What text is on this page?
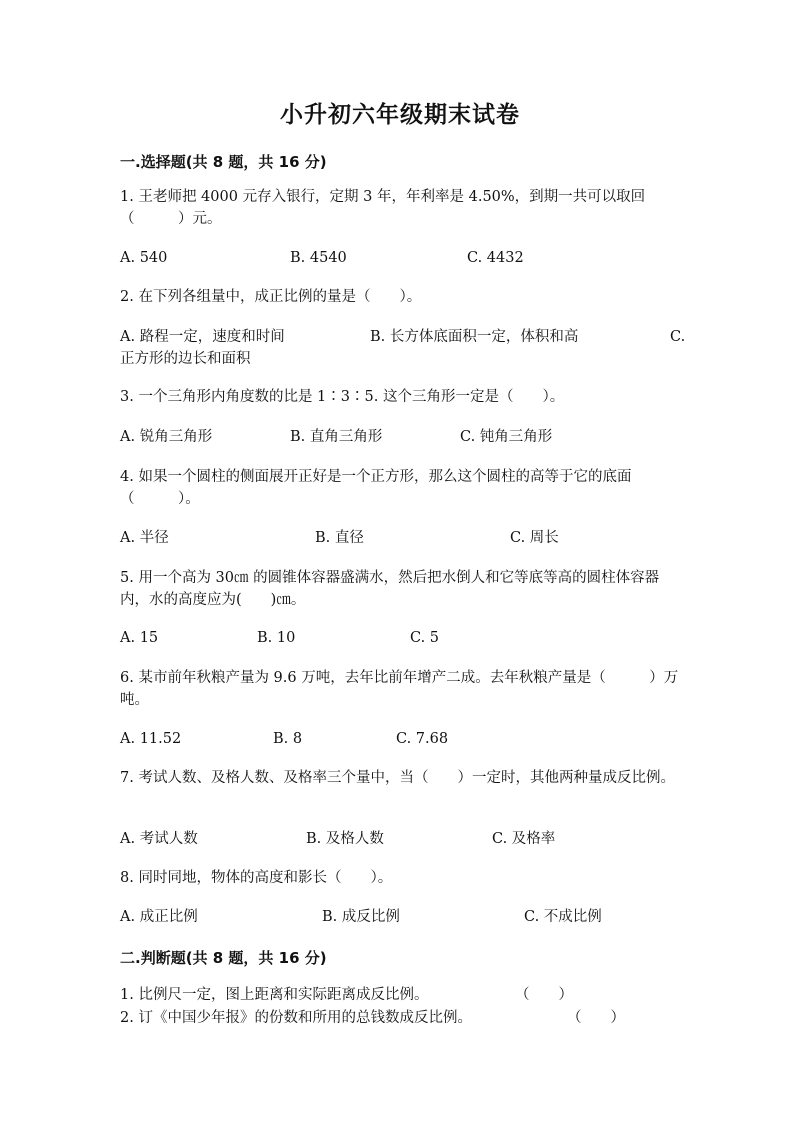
小升初六年级期末试卷
一.选择题(共 8 题，共 16 分)
1. 王老师把 4000 元存入银行，定期 3 年，年利率是 4.50%，到期一共可以取回（　　　）元。
A. 540	B. 4540	C. 4432
2. 在下列各组量中，成正比例的量是（　　）。
A. 路程一定，速度和时间	B. 长方体底面积一定，体积和高	C. 正方形的边长和面积
3. 一个三角形内角度数的比是 1∶3∶5. 这个三角形一定是（　　）。
A. 锐角三角形	B. 直角三角形	C. 钝角三角形
4. 如果一个圆柱的侧面展开正好是一个正方形，那么这个圆柱的高等于它的底面（　　　）。
A. 半径	B. 直径	C. 周长
5. 用一个高为 30㎝ 的圆锥体容器盛满水，然后把水倒人和它等底等高的圆柱体容器内，水的高度应为(　　)㎝。
A. 15	B. 10	C. 5
6. 某市前年秋粮产量为 9.6 万吨，去年比前年增产二成。去年秋粮产量是（　　　）万吨。
A. 11.52	B. 8	C. 7.68
7. 考试人数、及格人数、及格率三个量中，当（　　）一定时，其他两种量成反比例。
A. 考试人数	B. 及格人数	C. 及格率
8. 同时同地，物体的高度和影长（　　）。
A. 成正比例	B. 成反比例	C. 不成比例
二.判断题(共 8 题，共 16 分)
1. 比例尺一定，图上距离和实际距离成反比例。	（　　）
2. 订《中国少年报》的份数和所用的总钱数成反比例。	（　　）
